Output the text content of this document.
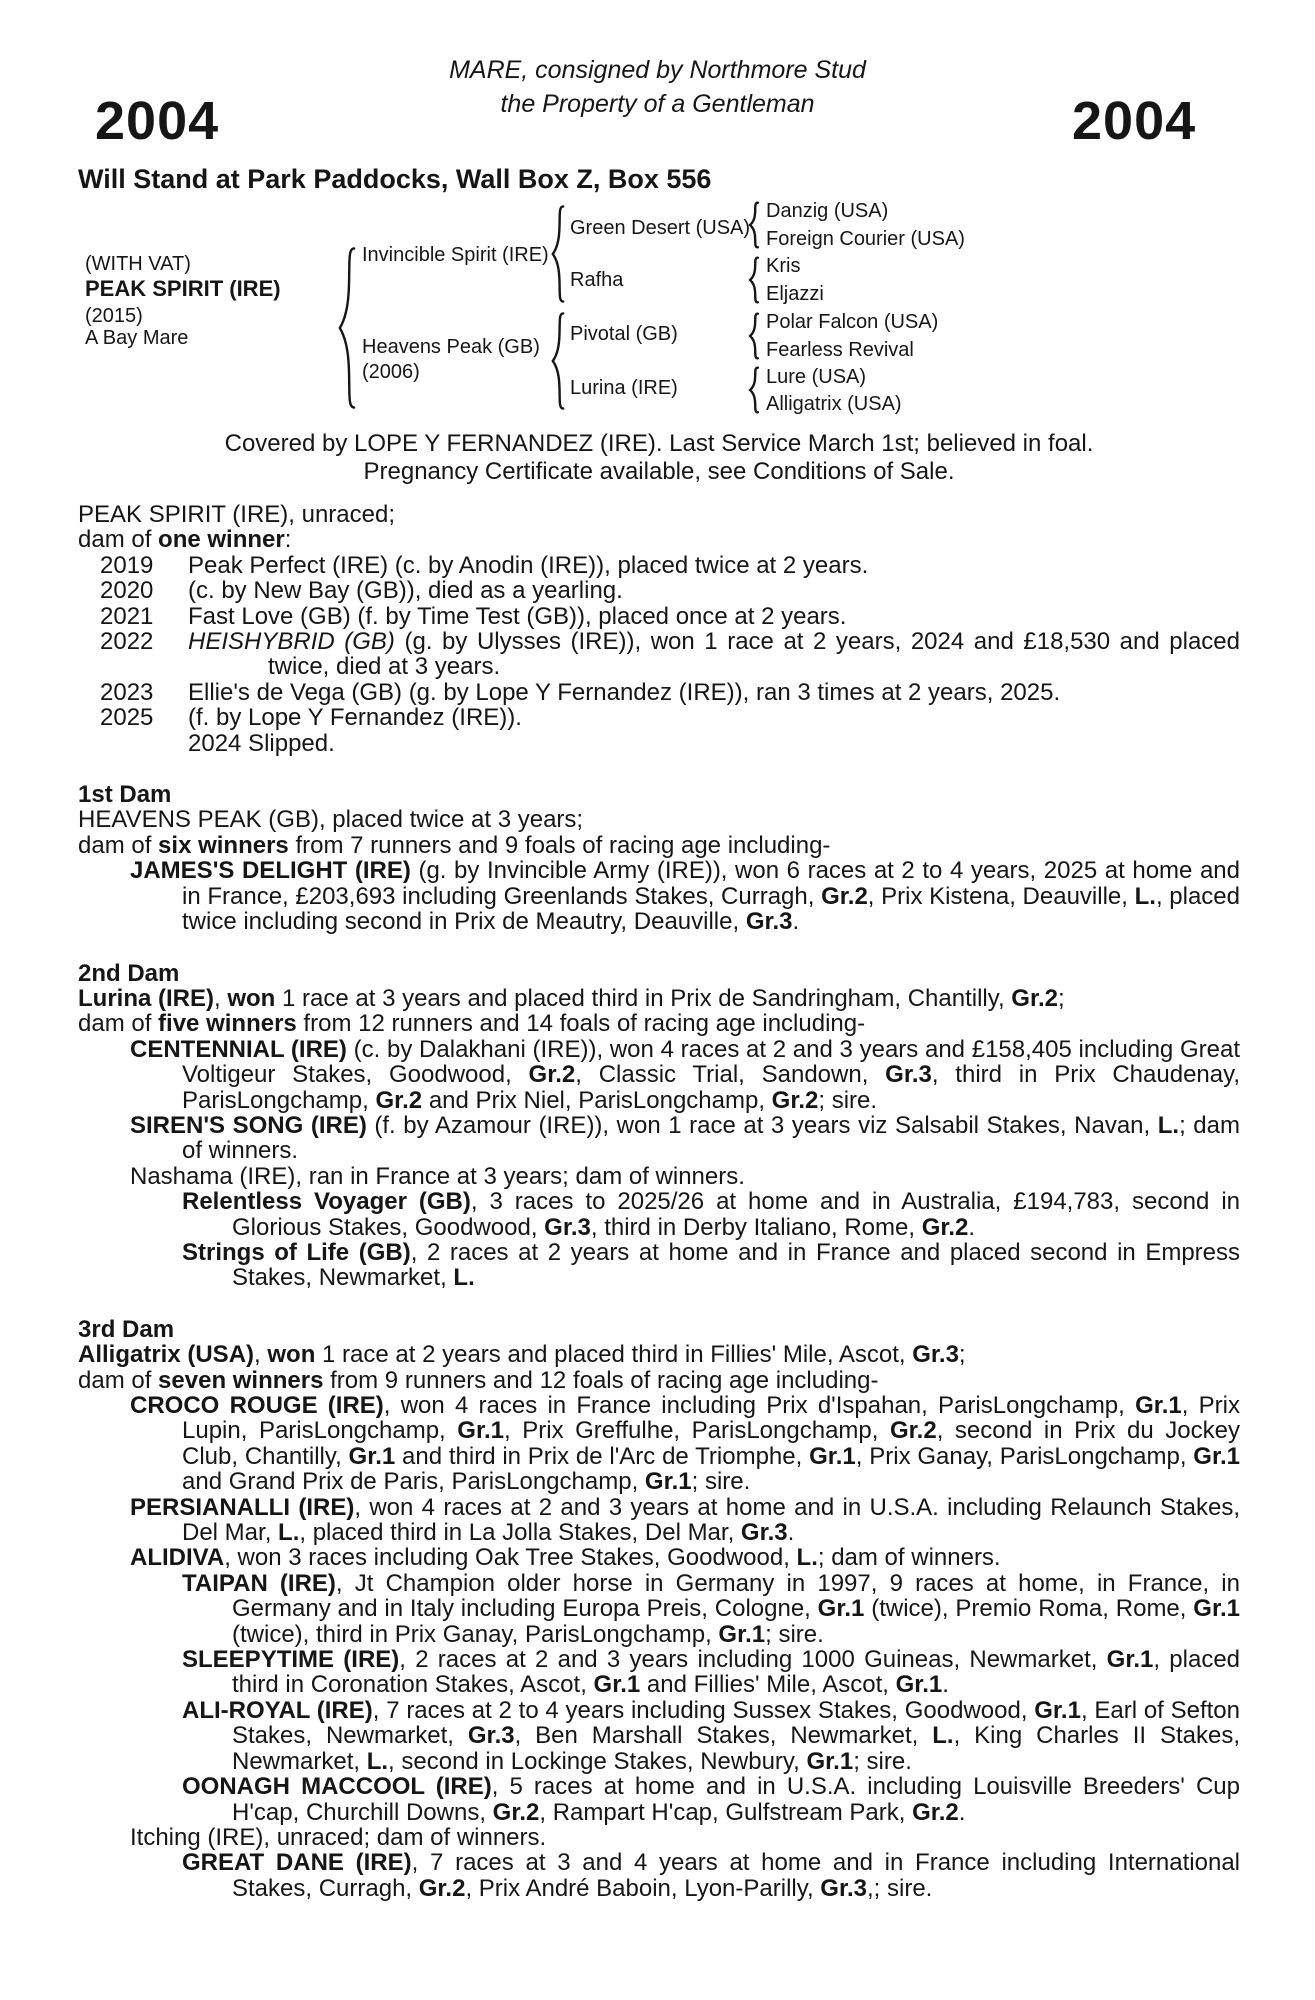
MARE, consigned by Northmore Stud
the Property of a Gentleman
2004	2004
Will Stand at Park Paddocks, Wall Box Z, Box 556
(WITH VAT)
PEAK SPIRIT (IRE)
(2015)
A Bay Mare
Invincible Spirit (IRE)
Heavens Peak (GB)
(2006)
Green Desert (USA)
Rafha
Pivotal (GB)
Lurina (IRE)
Danzig (USA)
Foreign Courier (USA)
Kris
Eljazzi
Polar Falcon (USA)
Fearless Revival
Lure (USA)
Alligatrix (USA)
Covered by LOPE Y FERNANDEZ (IRE). Last Service March 1st; believed in foal.
Pregnancy Certificate available, see Conditions of Sale.
PEAK SPIRIT (IRE), unraced;
dam of one winner:
2019 Peak Perfect (IRE) (c. by Anodin (IRE)), placed twice at 2 years.
2020 (c. by New Bay (GB)), died as a yearling.
2021 Fast Love (GB) (f. by Time Test (GB)), placed once at 2 years.
2022 HEISHYBRID (GB) (g. by Ulysses (IRE)), won 1 race at 2 years, 2024 and £18,530 and placed twice, died at 3 years.
2023 Ellie's de Vega (GB) (g. by Lope Y Fernandez (IRE)), ran 3 times at 2 years, 2025.
2025 (f. by Lope Y Fernandez (IRE)).
2024 Slipped.
1st Dam
HEAVENS PEAK (GB), placed twice at 3 years;
dam of six winners from 7 runners and 9 foals of racing age including-
JAMES'S DELIGHT (IRE) (g. by Invincible Army (IRE)), won 6 races at 2 to 4 years, 2025 at home and in France, £203,693 including Greenlands Stakes, Curragh, Gr.2, Prix Kistena, Deauville, L., placed twice including second in Prix de Meautry, Deauville, Gr.3.
2nd Dam
Lurina (IRE), won 1 race at 3 years and placed third in Prix de Sandringham, Chantilly, Gr.2;
dam of five winners from 12 runners and 14 foals of racing age including-
CENTENNIAL (IRE) (c. by Dalakhani (IRE)), won 4 races at 2 and 3 years and £158,405 including Great Voltigeur Stakes, Goodwood, Gr.2, Classic Trial, Sandown, Gr.3, third in Prix Chaudenay, ParisLongchamp, Gr.2 and Prix Niel, ParisLongchamp, Gr.2; sire.
SIREN'S SONG (IRE) (f. by Azamour (IRE)), won 1 race at 3 years viz Salsabil Stakes, Navan, L.; dam of winners.
Nashama (IRE), ran in France at 3 years; dam of winners.
Relentless Voyager (GB), 3 races to 2025/26 at home and in Australia, £194,783, second in Glorious Stakes, Goodwood, Gr.3, third in Derby Italiano, Rome, Gr.2.
Strings of Life (GB), 2 races at 2 years at home and in France and placed second in Empress Stakes, Newmarket, L.
3rd Dam
Alligatrix (USA), won 1 race at 2 years and placed third in Fillies' Mile, Ascot, Gr.3;
dam of seven winners from 9 runners and 12 foals of racing age including-
CROCO ROUGE (IRE), won 4 races in France including Prix d'Ispahan, ParisLongchamp, Gr.1, Prix Lupin, ParisLongchamp, Gr.1, Prix Greffulhe, ParisLongchamp, Gr.2, second in Prix du Jockey Club, Chantilly, Gr.1 and third in Prix de l'Arc de Triomphe, Gr.1, Prix Ganay, ParisLongchamp, Gr.1 and Grand Prix de Paris, ParisLongchamp, Gr.1; sire.
PERSIANALLI (IRE), won 4 races at 2 and 3 years at home and in U.S.A. including Relaunch Stakes, Del Mar, L., placed third in La Jolla Stakes, Del Mar, Gr.3.
ALIDIVA, won 3 races including Oak Tree Stakes, Goodwood, L.; dam of winners.
TAIPAN (IRE), Jt Champion older horse in Germany in 1997, 9 races at home, in France, in Germany and in Italy including Europa Preis, Cologne, Gr.1 (twice), Premio Roma, Rome, Gr.1 (twice), third in Prix Ganay, ParisLongchamp, Gr.1; sire.
SLEEPYTIME (IRE), 2 races at 2 and 3 years including 1000 Guineas, Newmarket, Gr.1, placed third in Coronation Stakes, Ascot, Gr.1 and Fillies' Mile, Ascot, Gr.1.
ALI-ROYAL (IRE), 7 races at 2 to 4 years including Sussex Stakes, Goodwood, Gr.1, Earl of Sefton Stakes, Newmarket, Gr.3, Ben Marshall Stakes, Newmarket, L., King Charles II Stakes, Newmarket, L., second in Lockinge Stakes, Newbury, Gr.1; sire.
OONAGH MACCOOL (IRE), 5 races at home and in U.S.A. including Louisville Breeders' Cup H'cap, Churchill Downs, Gr.2, Rampart H'cap, Gulfstream Park, Gr.2.
Itching (IRE), unraced; dam of winners.
GREAT DANE (IRE), 7 races at 3 and 4 years at home and in France including International Stakes, Curragh, Gr.2, Prix André Baboin, Lyon-Parilly, Gr.3,; sire.
